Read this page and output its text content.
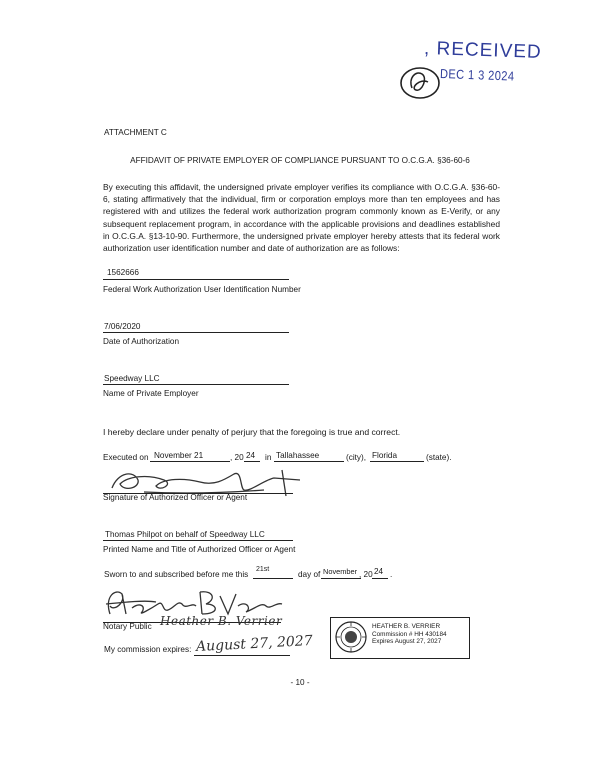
, RECEIVED
DEC 1 3 2024
ATTACHMENT C
AFFIDAVIT OF PRIVATE EMPLOYER OF COMPLIANCE PURSUANT TO O.C.G.A. §36-60-6
By executing this affidavit, the undersigned private employer verifies its compliance with O.C.G.A. §36-60-6, stating affirmatively that the individual, firm or corporation employs more than ten employees and has registered with and utilizes the federal work authorization program commonly known as E-Verify, or any subsequent replacement program, in accordance with the applicable provisions and deadlines established in O.C.G.A. §13-10-90. Furthermore, the undersigned private employer hereby attests that its federal work authorization user identification number and date of authorization are as follows:
1562666
Federal Work Authorization User Identification Number
7/06/2020
Date of Authorization
Speedway LLC
Name of Private Employer
I hereby declare under penalty of perjury that the foregoing is true and correct.
Executed on November 21	, 20 24 in Tallahassee	(city), Florida	(state).
Signature of Authorized Officer or Agent
Thomas Philpot on behalf of Speedway LLC
Printed Name and Title of Authorized Officer or Agent
Sworn to and subscribed before me this
21st
day of November , 20 24 .
Notary Public Heather B. Verrier
My commission expires: August 27, 2027
HEATHER B. VERRIER
Commission # HH 430184
Expires August 27, 2027
- 10 -
